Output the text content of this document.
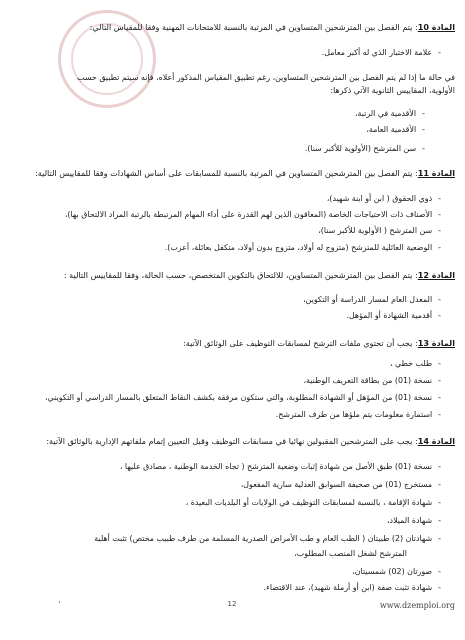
المادة 10: يتم الفصل بين المترشحين المتساوين في المرتبة بالنسبة للامتحانات المهنية وفقا للمقياس التالي:
-علامة الاختبار الذي له أكبر معامل.
في حالة ما إذا لم يتم الفصل بين المترشحين المتساوين، رغم تطبيق المقياس المذكور أعلاه، فإنه سيتم تطبيق حسب
الأولوية، المقاييس الثانوية الآتي ذكرها:
-الأقدمية في الرتبة،
-الأقدمية العامة،
-سن المترشح (الأولوية للأكبر سنا).
المادة 11: يتم الفصل بين المترشحين المتساوين في المرتبة بالنسبة للمسابقات على أساس الشهادات وفقا للمقاييس التالية:
-ذوي الحقوق ( ابن أو ابنة شهيد)،
-الأصناف ذات الاحتياجات الخاصة (المعاقون الذين لهم القدرة على أداء المهام المرتبطة بالرتبة المراد الالتحاق بها)،
-سن المترشح ( الأولوية للأكبر سنا)،
-الوضعية العائلية للمترشح (متزوج له أولاد، متزوج بدون أولاد، متكفل بعائلة، أعزب).
المادة 12: يتم الفصل بين المترشحين المتساوين، للالتحاق بالتكوين المتخصص، حسب الحالة، وفقا للمقاييس التالية :
-المعدل العام لمسار الدراسة أو التكوين،
-أقدمية الشهادة أو المؤهل.
المادة 13: يجب أن تحتوي ملفات الترشح لمسابقات التوظيف على الوثائق الآتية:
-طلب خطي ،
-نسخة (01) من بطاقة التعريف الوطنية،
-نسخة (01) من المؤهل أو الشهادة المطلوبة، والتي ستكون مرفقة بكشف النقاط المتعلق بالمسار الدراسي أو التكويني،
-استمارة معلومات يتم ملؤها من طرف المترشح.
المادة 14: يجب على المترشحين المقبولين نهائيا في مسابقات التوظيف وقبل التعيين إتمام ملفاتهم الإدارية بالوثائق الآتية:
-نسخة (01) طبق الأصل من شهادة إثبات وضعية المترشح ( تجاه الخدمة الوطنية ، مصادق عليها ،
-مستخرج (01) من صحيفة السوابق العدلية سارية المفعول،
-شهادة الإقامة ، بالنسبة لمسابقات التوظيف في الولايات أو البلديات البعيدة ،
-شهادة الميلاد،
-شهادتان (2) طبيتان ( الطب العام و طب الأمراض الصدرية المسلمة من طرف طبيب مختص) تثبت أهلية
المترشح لشغل المنصب المطلوب،
-صورتان (02) شمسيتان،
-شهادة تثبت صفة (ابن أو أرملة شهيد)، عند الاقتضاء.
،	12	www.dzemploi.org
